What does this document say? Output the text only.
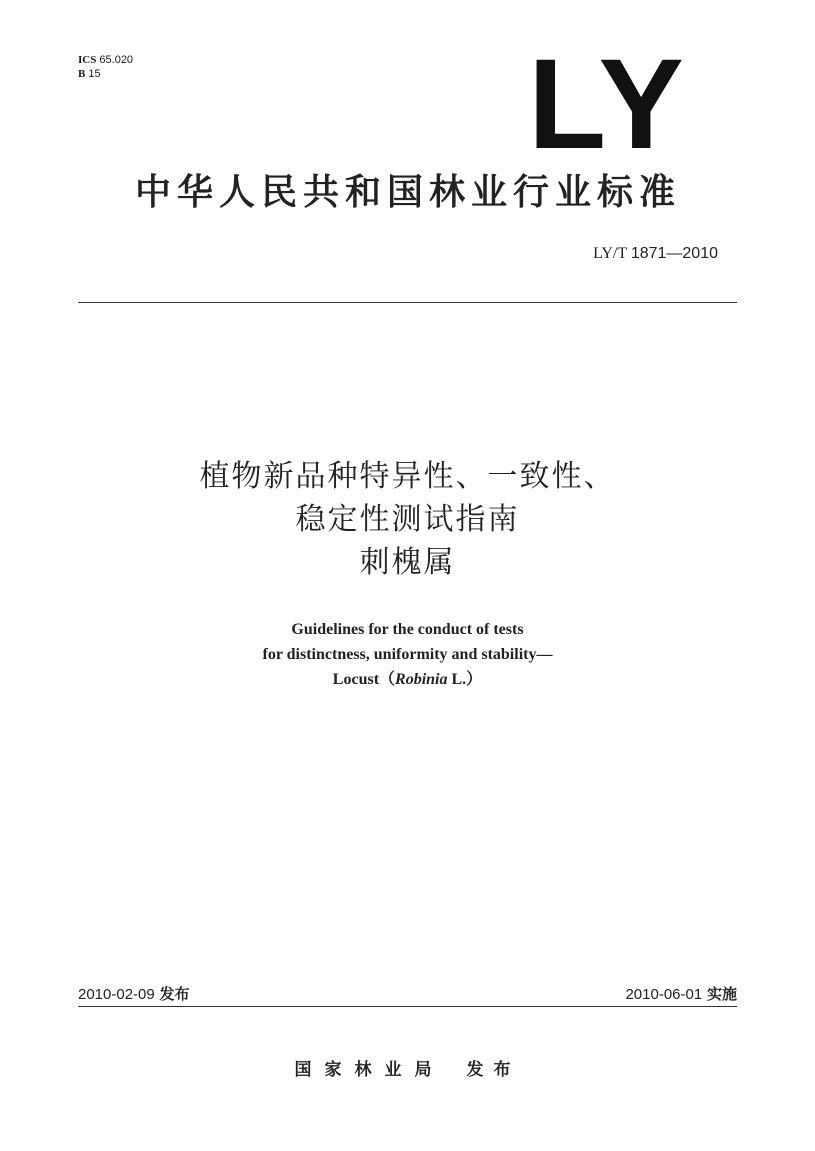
ICS 65.020
B 15	LY
中华人民共和国林业行业标准
LY/T 1871—2010
植物新品种特异性、一致性、
稳定性测试指南
刺槐属
Guidelines for the conduct of tests
for distinctness, uniformity and stability—
Locust（Robinia L.）
2010-02-09 发布	2010-06-01 实施
国家林业局 发布
